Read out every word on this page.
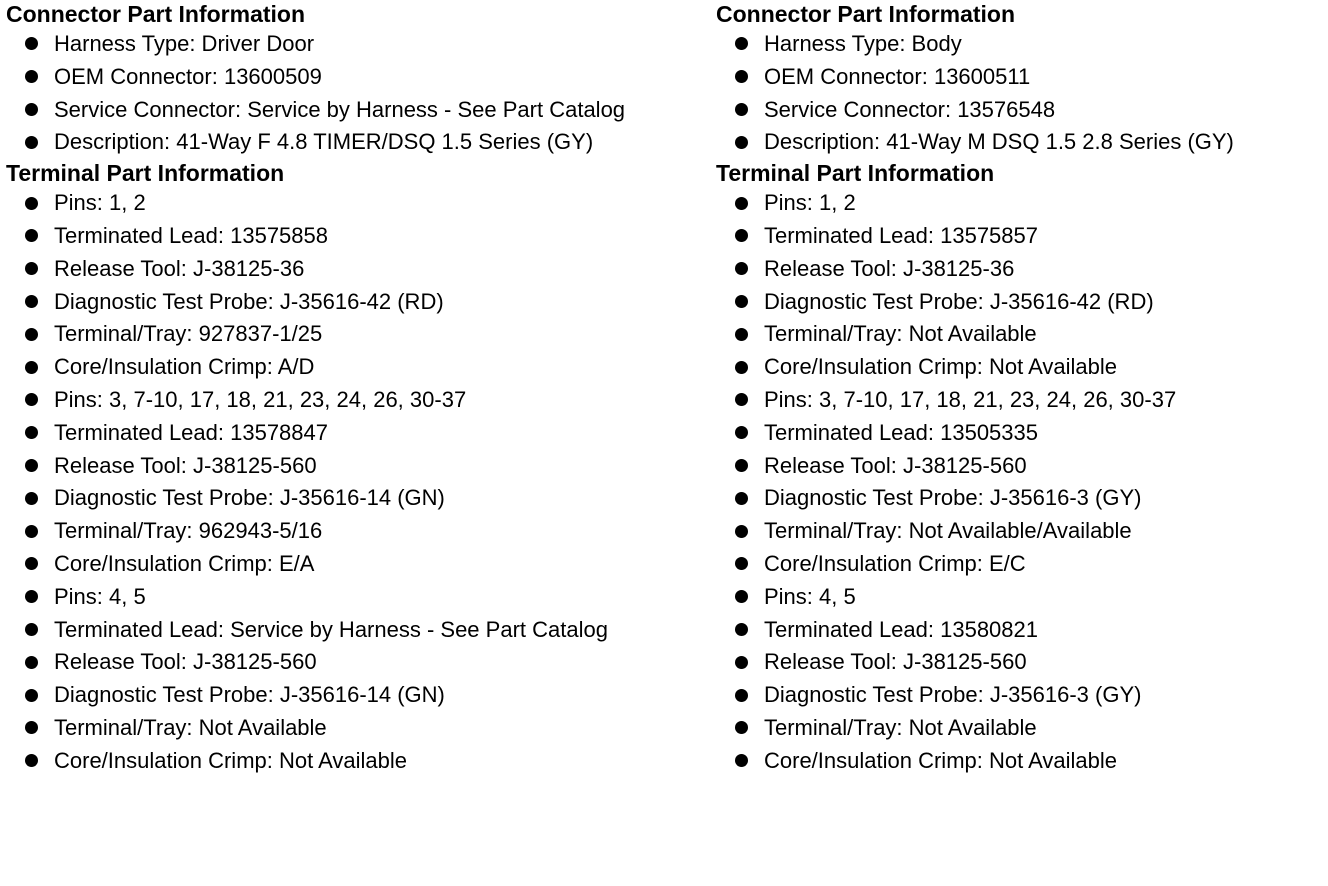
Connector Part Information
Harness Type: Driver Door
OEM Connector: 13600509
Service Connector: Service by Harness - See Part Catalog
Description: 41-Way F 4.8 TIMER/DSQ 1.5 Series (GY)
Terminal Part Information
Pins: 1, 2
Terminated Lead: 13575858
Release Tool: J-38125-36
Diagnostic Test Probe: J-35616-42 (RD)
Terminal/Tray: 927837-1/25
Core/Insulation Crimp: A/D
Pins: 3, 7-10, 17, 18, 21, 23, 24, 26, 30-37
Terminated Lead: 13578847
Release Tool: J-38125-560
Diagnostic Test Probe: J-35616-14 (GN)
Terminal/Tray: 962943-5/16
Core/Insulation Crimp: E/A
Pins: 4, 5
Terminated Lead: Service by Harness - See Part Catalog
Release Tool: J-38125-560
Diagnostic Test Probe: J-35616-14 (GN)
Terminal/Tray: Not Available
Core/Insulation Crimp: Not Available
Connector Part Information
Harness Type: Body
OEM Connector: 13600511
Service Connector: 13576548
Description: 41-Way M DSQ 1.5 2.8 Series (GY)
Terminal Part Information
Pins: 1, 2
Terminated Lead: 13575857
Release Tool: J-38125-36
Diagnostic Test Probe: J-35616-42 (RD)
Terminal/Tray: Not Available
Core/Insulation Crimp: Not Available
Pins: 3, 7-10, 17, 18, 21, 23, 24, 26, 30-37
Terminated Lead: 13505335
Release Tool: J-38125-560
Diagnostic Test Probe: J-35616-3 (GY)
Terminal/Tray: Not Available/Available
Core/Insulation Crimp: E/C
Pins: 4, 5
Terminated Lead: 13580821
Release Tool: J-38125-560
Diagnostic Test Probe: J-35616-3 (GY)
Terminal/Tray: Not Available
Core/Insulation Crimp: Not Available
